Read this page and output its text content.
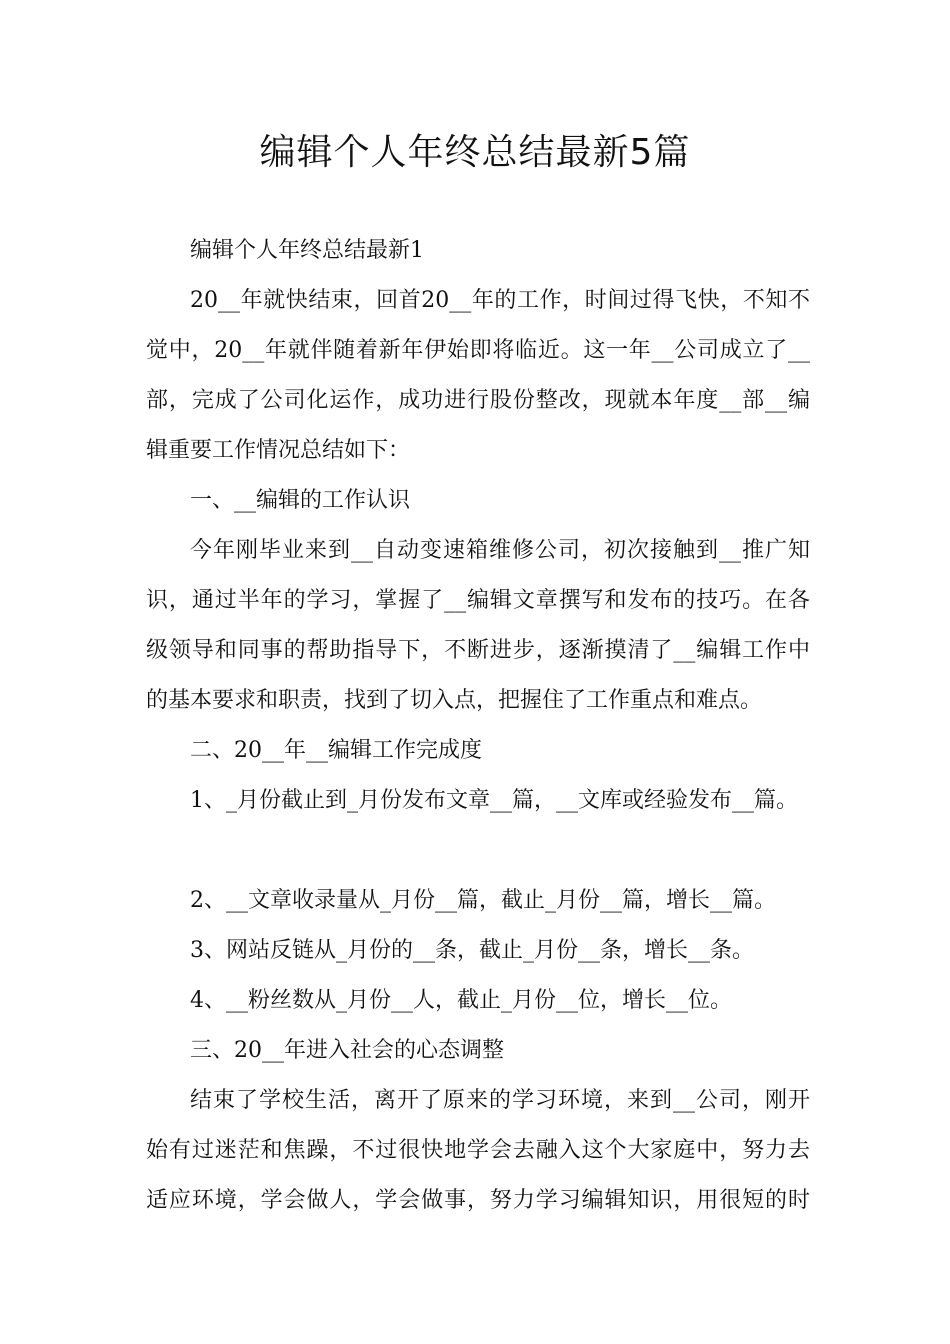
编辑个人年终总结最新5篇
编辑个人年终总结最新1
20__年就快结束，回首20__年的工作，时间过得飞快，不知不
觉中，20__年就伴随着新年伊始即将临近。这一年__公司成立了__
部，完成了公司化运作，成功进行股份整改，现就本年度__部__编
辑重要工作情况总结如下：
一、__编辑的工作认识
今年刚毕业来到__自动变速箱维修公司，初次接触到__推广知
识，通过半年的学习，掌握了__编辑文章撰写和发布的技巧。在各
级领导和同事的帮助指导下，不断进步，逐渐摸清了__编辑工作中
的基本要求和职责，找到了切入点，把握住了工作重点和难点。
二、20__年__编辑工作完成度
1、_月份截止到_月份发布文章__篇，__文库或经验发布__篇。
2、__文章收录量从_月份__篇，截止_月份__篇，增长__篇。
3、网站反链从_月份的__条，截止_月份__条，增长__条。
4、__粉丝数从_月份__人，截止_月份__位，增长__位。
三、20__年进入社会的心态调整
结束了学校生活，离开了原来的学习环境，来到__公司，刚开
始有过迷茫和焦躁，不过很快地学会去融入这个大家庭中，努力去
适应环境，学会做人，学会做事，努力学习编辑知识，用很短的时
